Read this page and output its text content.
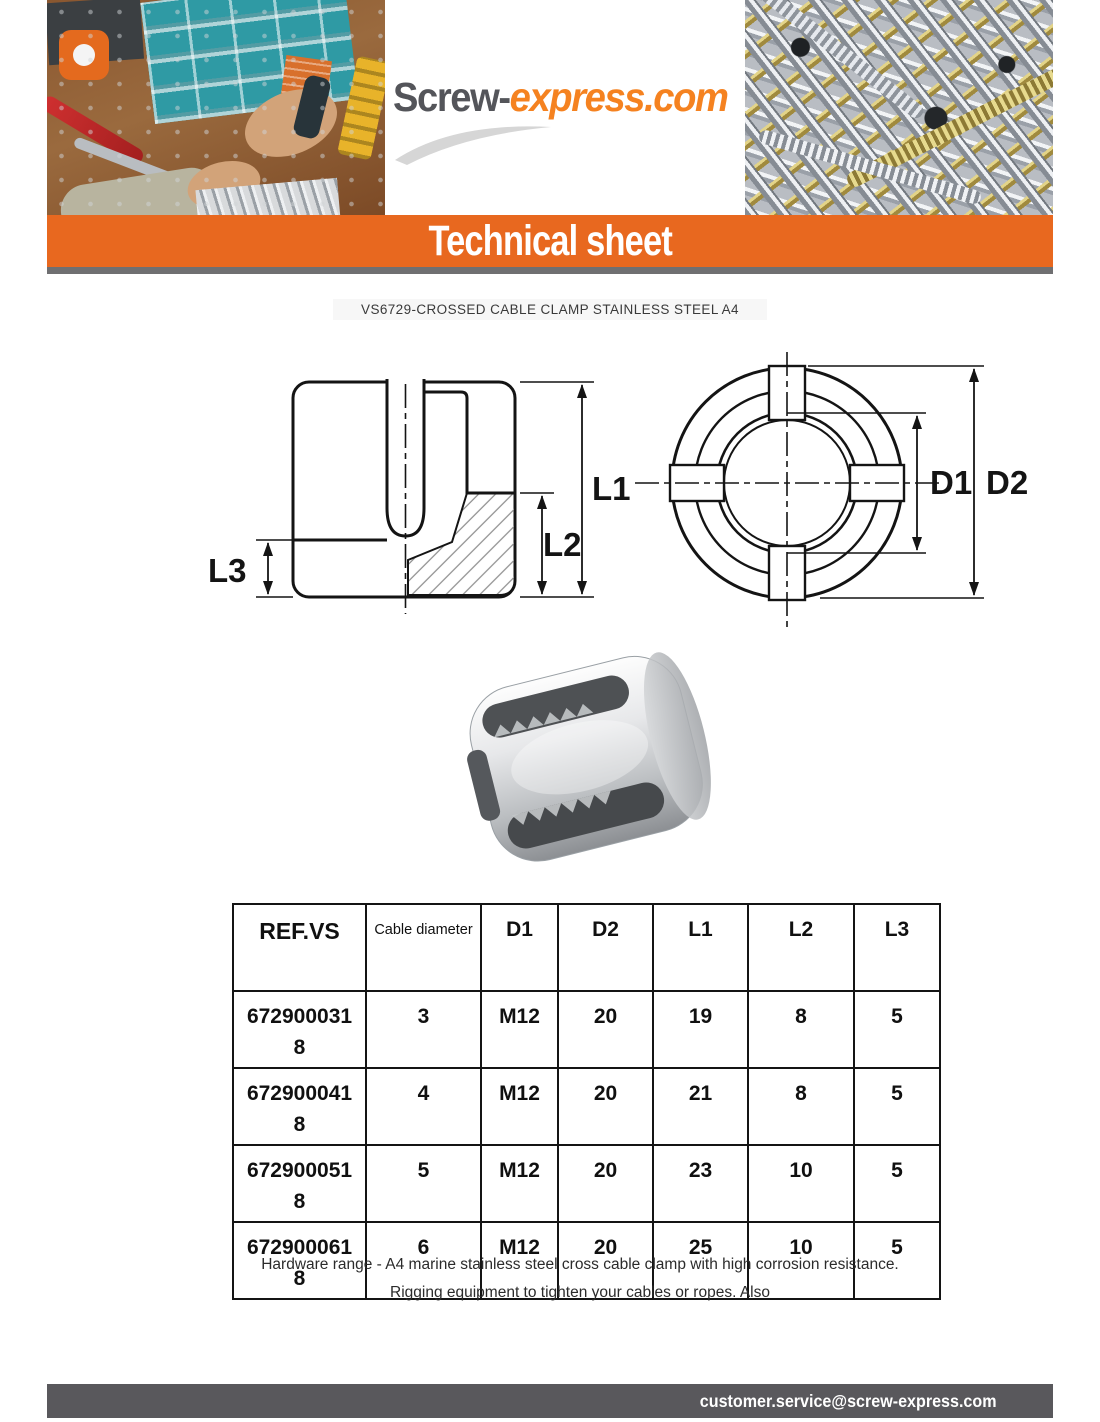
Screw-express.com
Technical sheet
VS6729-CROSSED CABLE CLAMP STAINLESS STEEL A4
L1
L2
L3
D1 D2
REF.VS	Cable diameter	D1	D2	L1	L2	L3
6729000318	3	M12	20	19	8	5
6729000418	4	M12	20	21	8	5
6729000518	5	M12	20	23	10	5
6729000618	6	M12	20	25	10	5
Hardware range - A4 marine stainless steel cross cable clamp with high corrosion resistance.
Rigging equipment to tighten your cables or ropes. Also
customer.service@screw-express.com
